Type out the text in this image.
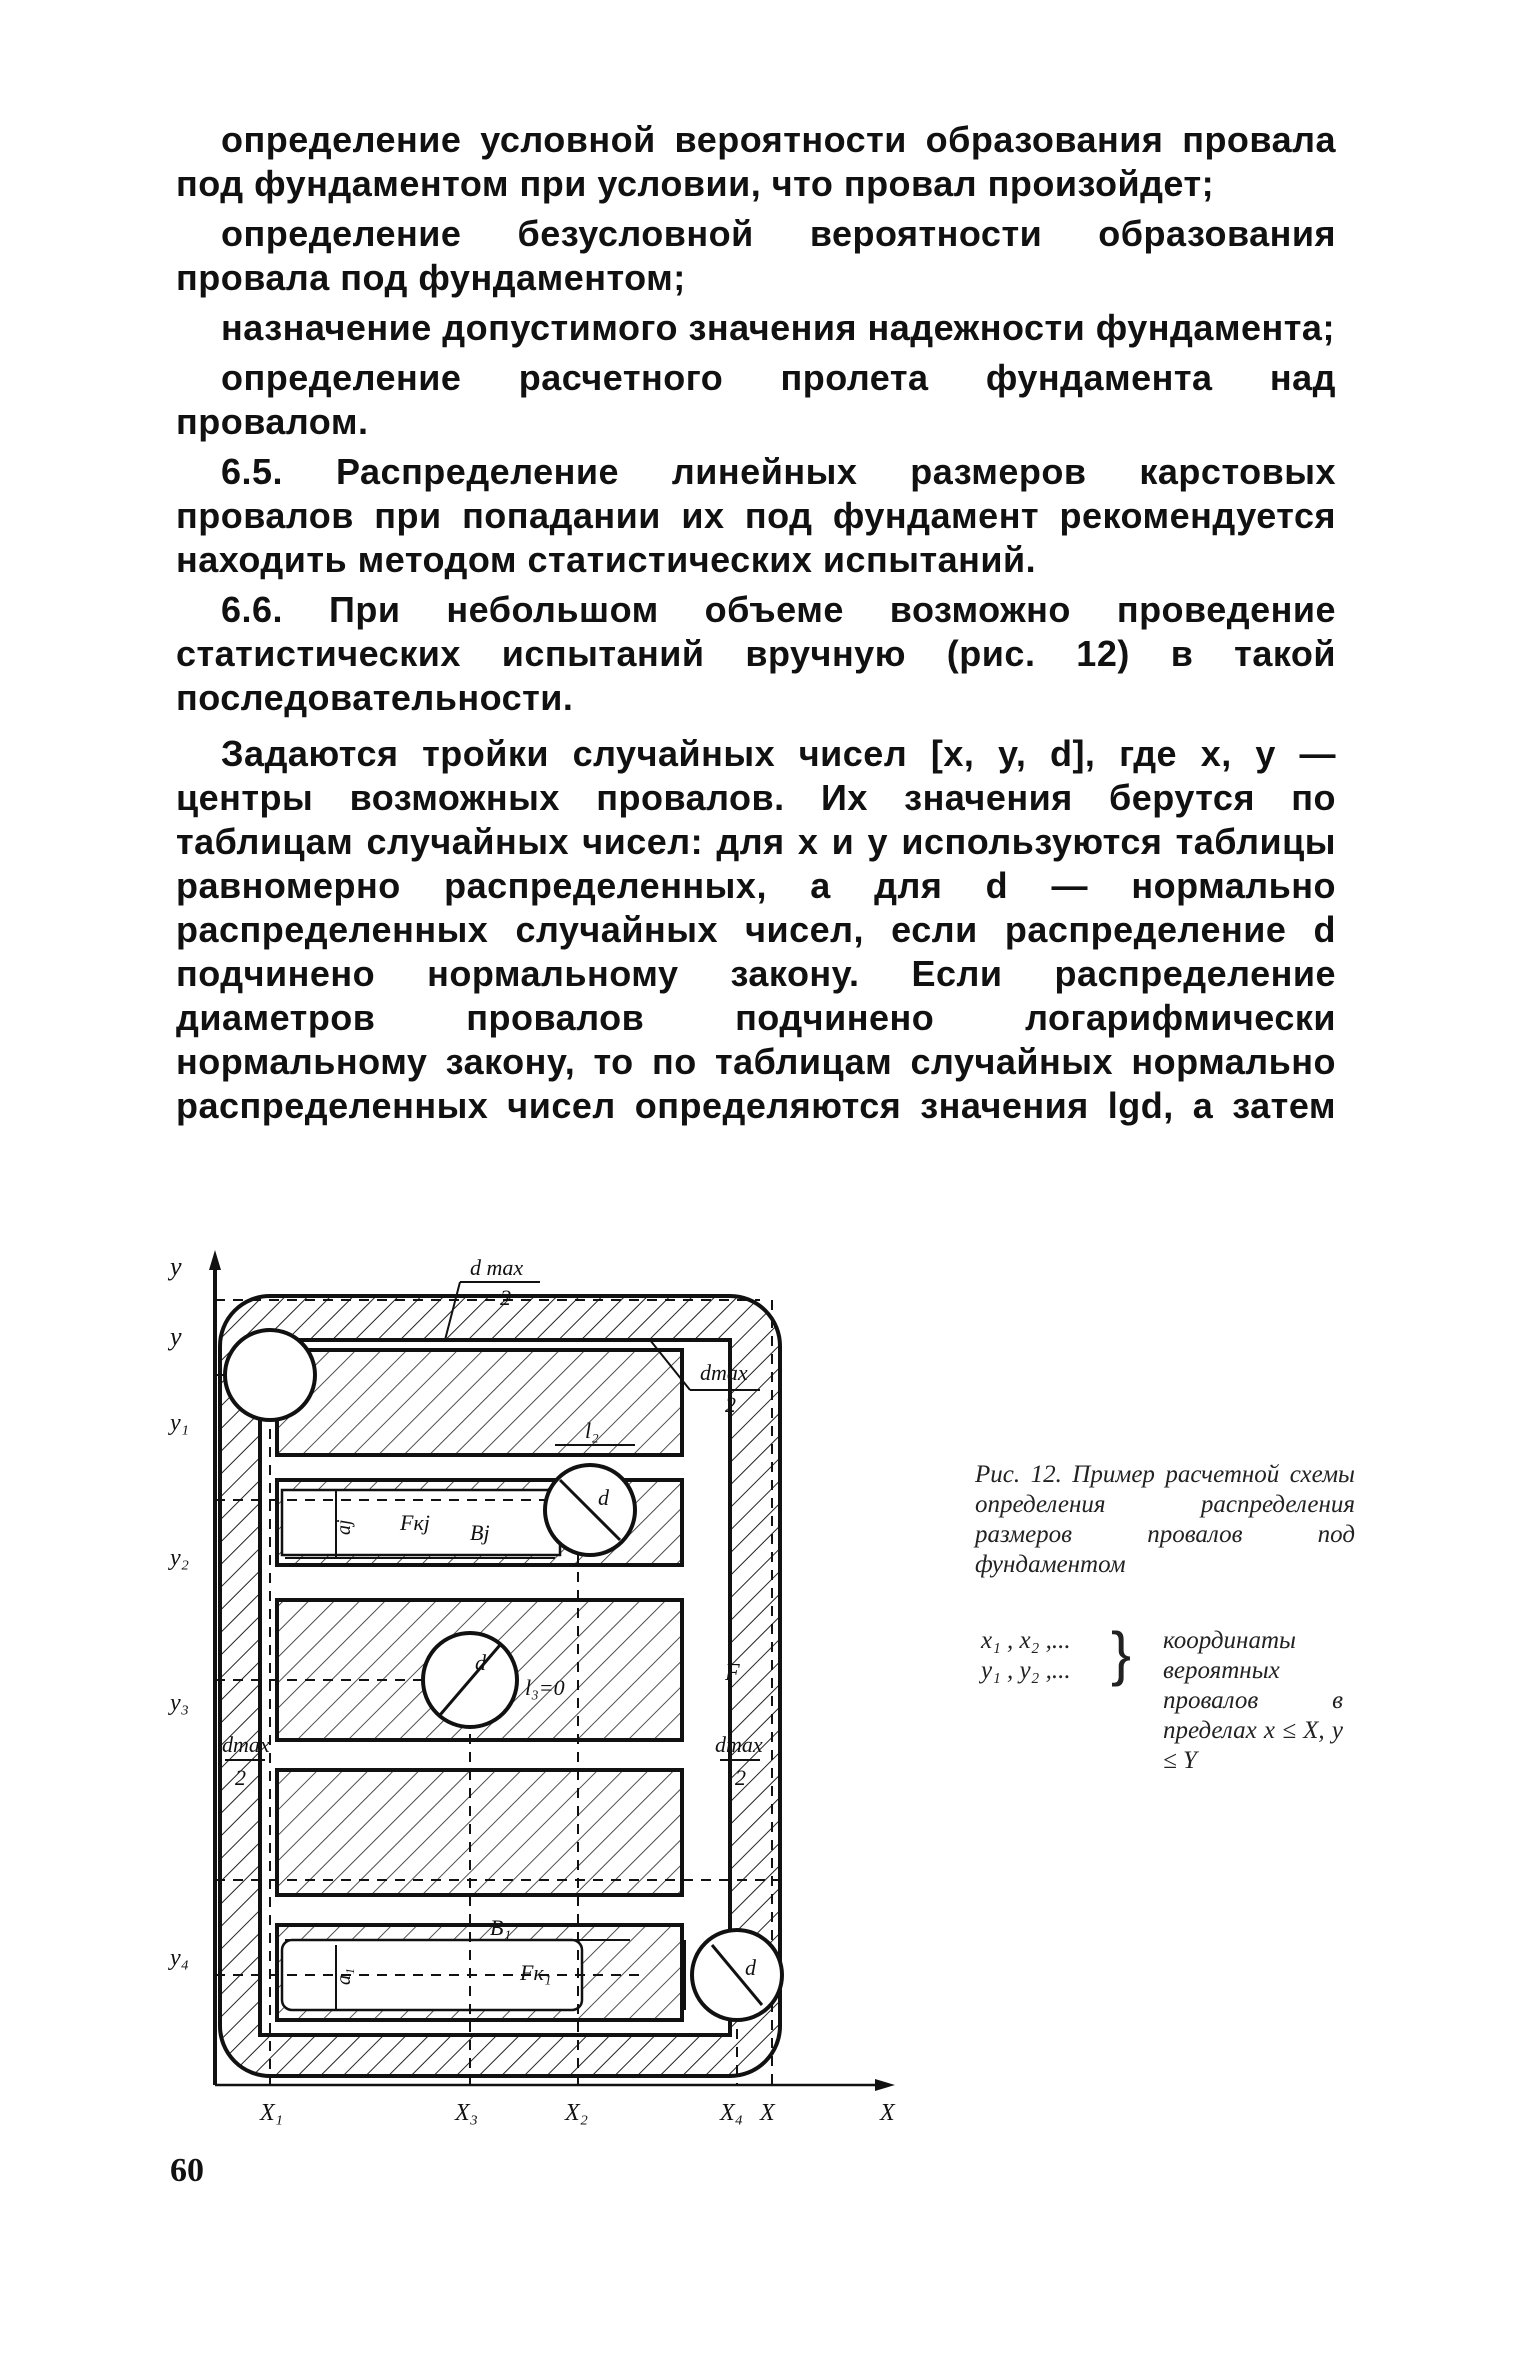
определение условной вероятности образования провала под фундаментом при условии, что провал произойдет;

определение безусловной вероятности образования провала под фундаментом;

назначение допустимого значения надежности фундамента;

определение расчетного пролета фундамента над провалом.

6.5. Распределение линейных размеров карстовых провалов при попадании их под фундамент рекомендуется находить методом статистических испытаний.

6.6. При небольшом объеме возможно проведение статистических испытаний вручную (рис. 12) в такой последовательности.

Задаются тройки случайных чисел [x, y, d], где x, y — центры возможных провалов. Их значения берутся по таблицам случайных чисел: для x и y используются таблицы равномерно распределенных, а для d — нормально распределенных случайных чисел, если распределение d подчинено нормальному закону. Если распределение диаметров провалов подчинено логарифмически нормальному закону, то по таблицам случайных нормально распределенных чисел определяются значения lgd, а затем

y
y
y₁
y₂
y₃
y₄
X₁	X₃	X₂	X₄ X	X
d max
2
dmax
2
dmax
2
dmax
2
l₂
Fкj Bj
aj
l₃=0
F
B₁
Fк₁
a₁
d
d
d
Рис. 12. Пример расчетной схемы определения распределения размеров провалов под фундаментом
x₁ , x₂ ,...
y₁ , y₂ ,... } координаты вероятных провалов в пределах x ≤ X, y ≤ Y
60
